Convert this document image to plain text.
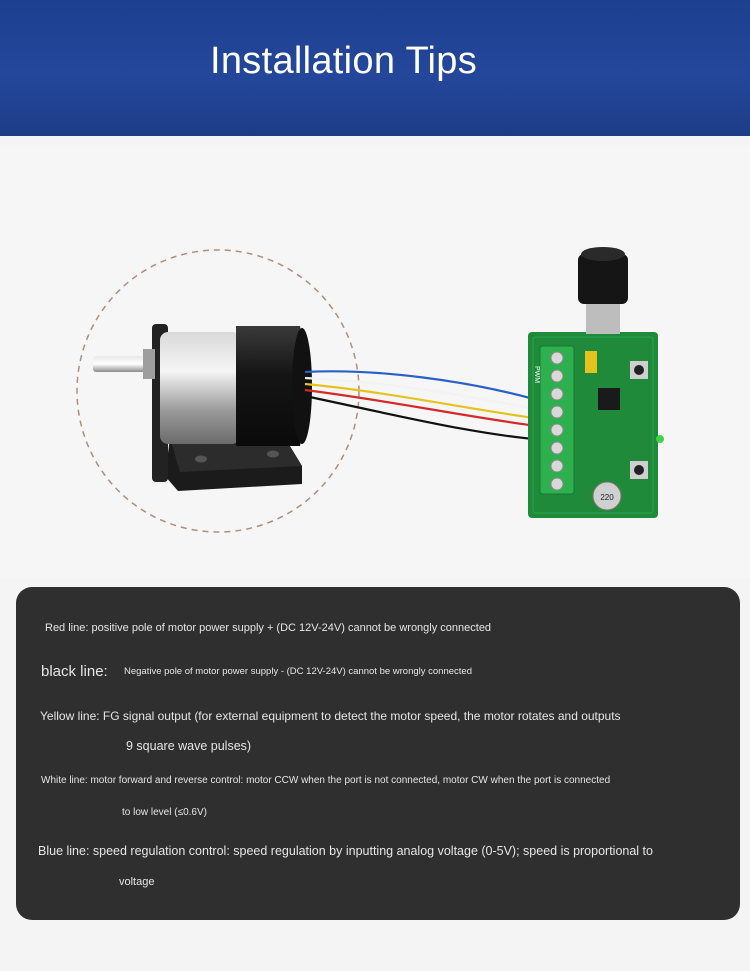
Installation Tips
220
PWM
Red line: positive pole of motor power supply + (DC 12V-24V) cannot be wrongly connected
black line: Negative pole of motor power supply - (DC 12V-24V) cannot be wrongly connected
Yellow line: FG signal output (for external equipment to detect the motor speed, the motor rotates and outputs
9 square wave pulses)
White line: motor forward and reverse control: motor CCW when the port is not connected, motor CW when the port is connected
to low level (≤0.6V)
Blue line: speed regulation control: speed regulation by inputting analog voltage (0-5V); speed is proportional to
voltage
